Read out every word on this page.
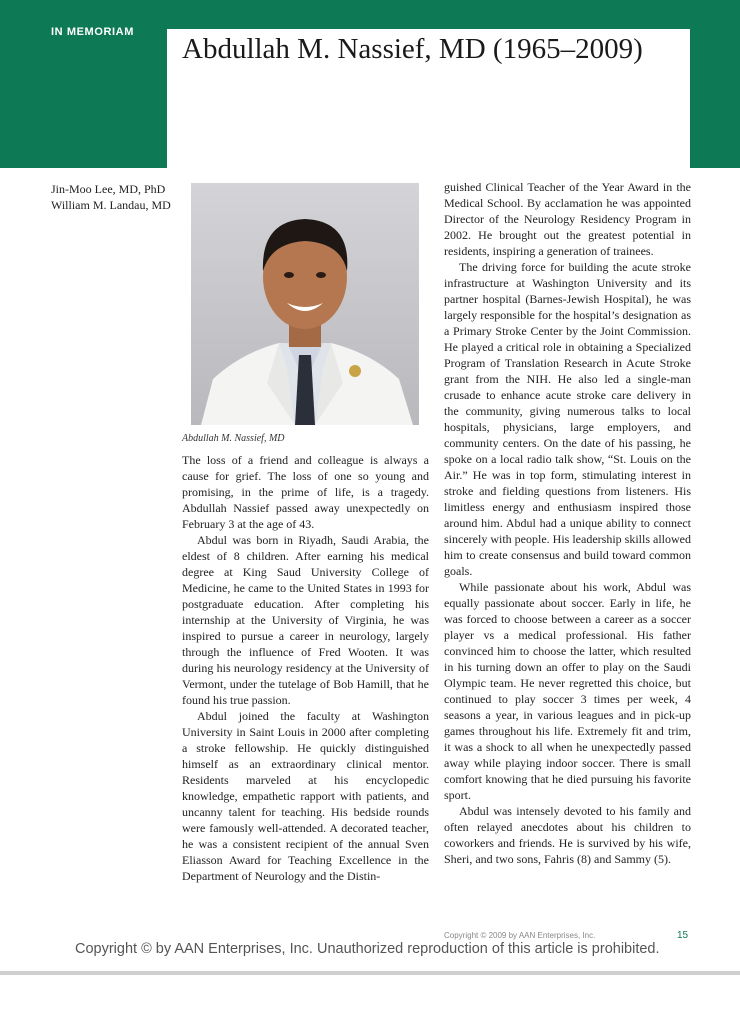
IN MEMORIAM
Abdullah M. Nassief, MD (1965–2009)
Jin-Moo Lee, MD, PhD
William M. Landau, MD
Abdullah M. Nassief, MD

The loss of a friend and colleague is always a cause for grief. The loss of one so young and promising, in the prime of life, is a tragedy. Abdullah Nassief passed away unexpectedly on February 3 at the age of 43.

Abdul was born in Riyadh, Saudi Arabia, the eldest of 8 children. After earning his medical degree at King Saud University College of Medicine, he came to the United States in 1993 for postgraduate education. After completing his internship at the University of Virginia, he was inspired to pursue a career in neurology, largely through the influence of Fred Wooten. It was during his neurology residency at the University of Vermont, under the tutelage of Bob Hamill, that he found his true passion.

Abdul joined the faculty at Washington University in Saint Louis in 2000 after completing a stroke fellowship. He quickly distinguished himself as an extraordinary clinical mentor. Residents marveled at his encyclopedic knowledge, empathetic rapport with patients, and uncanny talent for teaching. His bedside rounds were famously well-attended. A decorated teacher, he was a consistent recipient of the annual Sven Eliasson Award for Teaching Excellence in the Department of Neurology and the Distin-

guished Clinical Teacher of the Year Award in the Medical School. By acclamation he was appointed Director of the Neurology Residency Program in 2002. He brought out the greatest potential in residents, inspiring a generation of trainees.

The driving force for building the acute stroke infrastructure at Washington University and its partner hospital (Barnes-Jewish Hospital), he was largely responsible for the hospital’s designation as a Primary Stroke Center by the Joint Commission. He played a critical role in obtaining a Specialized Program of Translation Research in Acute Stroke grant from the NIH. He also led a single-man crusade to enhance acute stroke care delivery in the community, giving numerous talks to local hospitals, physicians, large employers, and community centers. On the date of his passing, he spoke on a local radio talk show, “St. Louis on the Air.” He was in top form, stimulating interest in stroke and fielding questions from listeners. His limitless energy and enthusiasm inspired those around him. Abdul had a unique ability to connect sincerely with people. His leadership skills allowed him to create consensus and build toward common goals.

While passionate about his work, Abdul was equally passionate about soccer. Early in life, he was forced to choose between a career as a soccer player vs a medical professional. His father convinced him to choose the latter, which resulted in his turning down an offer to play on the Saudi Olympic team. He never regretted this choice, but continued to play soccer 3 times per week, 4 seasons a year, in various leagues and in pick-up games throughout his life. Extremely fit and trim, it was a shock to all when he unexpectedly passed away while playing indoor soccer. There is small comfort knowing that he died pursuing his favorite sport.

Abdul was intensely devoted to his family and often relayed anecdotes about his children to coworkers and friends. He is survived by his wife, Sheri, and two sons, Fahris (8) and Sammy (5).

Copyright © 2009 by AAN Enterprises, Inc.	15
Copyright © by AAN Enterprises, Inc. Unauthorized reproduction of this article is prohibited.
